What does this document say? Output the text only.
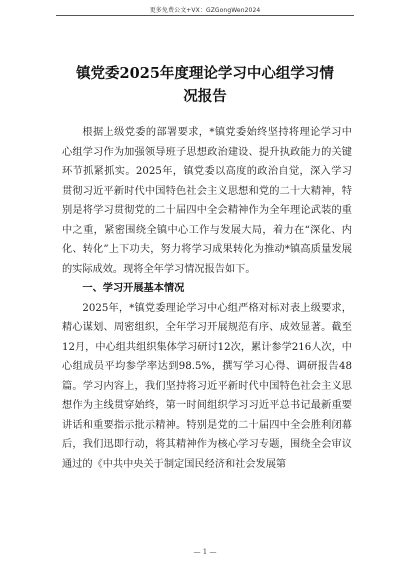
更多免费公文+VX：GZGongWen2024
镇党委2025年度理论学习中心组学习情况报告

根据上级党委的部署要求，*镇党委始终坚持将理论学习中心组学习作为加强领导班子思想政治建设、提升执政能力的关键环节抓紧抓实。2025年，镇党委以高度的政治自觉，深入学习贯彻习近平新时代中国特色社会主义思想和党的二十大精神，特别是将学习贯彻党的二十届四中全会精神作为全年理论武装的重中之重，紧密围绕全镇中心工作与发展大局，着力在“深化、内化、转化”上下功夫，努力将学习成果转化为推动*镇高质量发展的实际成效。现将全年学习情况报告如下。

一、学习开展基本情况

2025年，*镇党委理论学习中心组严格对标对表上级要求，精心谋划、周密组织，全年学习开展规范有序、成效显著。截至12月，中心组共组织集体学习研讨12次，累计参学216人次，中心组成员平均参学率达到98.5%，撰写学习心得、调研报告48篇。学习内容上，我们坚持将习近平新时代中国特色社会主义思想作为主线贯穿始终，第一时间组织学习习近平总书记最新重要讲话和重要指示批示精神。特别是党的二十届四中全会胜利闭幕后，我们迅即行动，将其精神作为核心学习专题，围绕全会审议通过的《中共中央关于制定国民经济和社会发展第

— 1 —
